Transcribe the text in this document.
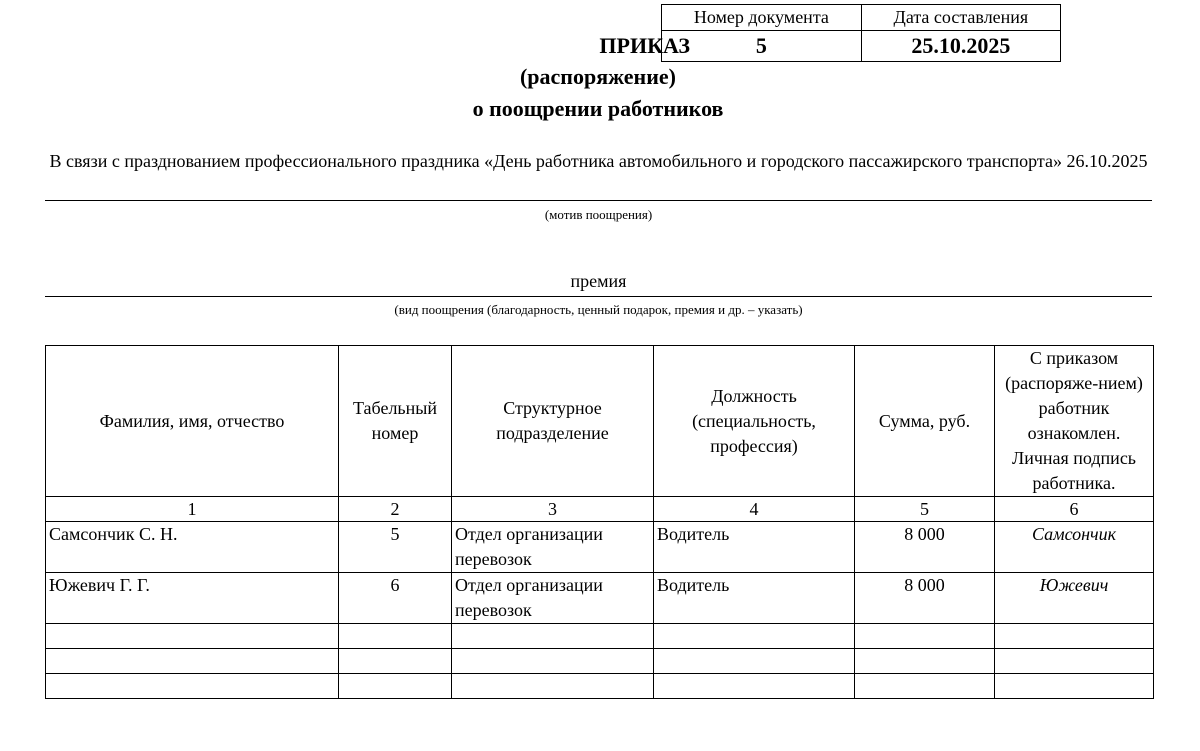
Номер документа	Дата составления
5	25.10.2025
ПРИКАЗ
(распоряжение)
о поощрении работников
В связи с празднованием профессионального праздника «День работника автомобильного и городского пассажирского транспорта» 26.10.2025
(мотив поощрения)
премия
(вид поощрения (благодарность, ценный подарок, премия и др. – указать)
Фамилия, имя, отчество	Табельный номер	Структурное подразделение	Должность (специальность, профессия)	Сумма, руб.	С приказом (распоряже-нием) работник ознакомлен. Личная подпись работника.
1	2	3	4	5	6
Самсончик С. Н.	5	Отдел организации перевозок	Водитель	8 000	Самсончик
Южевич Г. Г.	6	Отдел организации перевозок	Водитель	8 000	Южевич
